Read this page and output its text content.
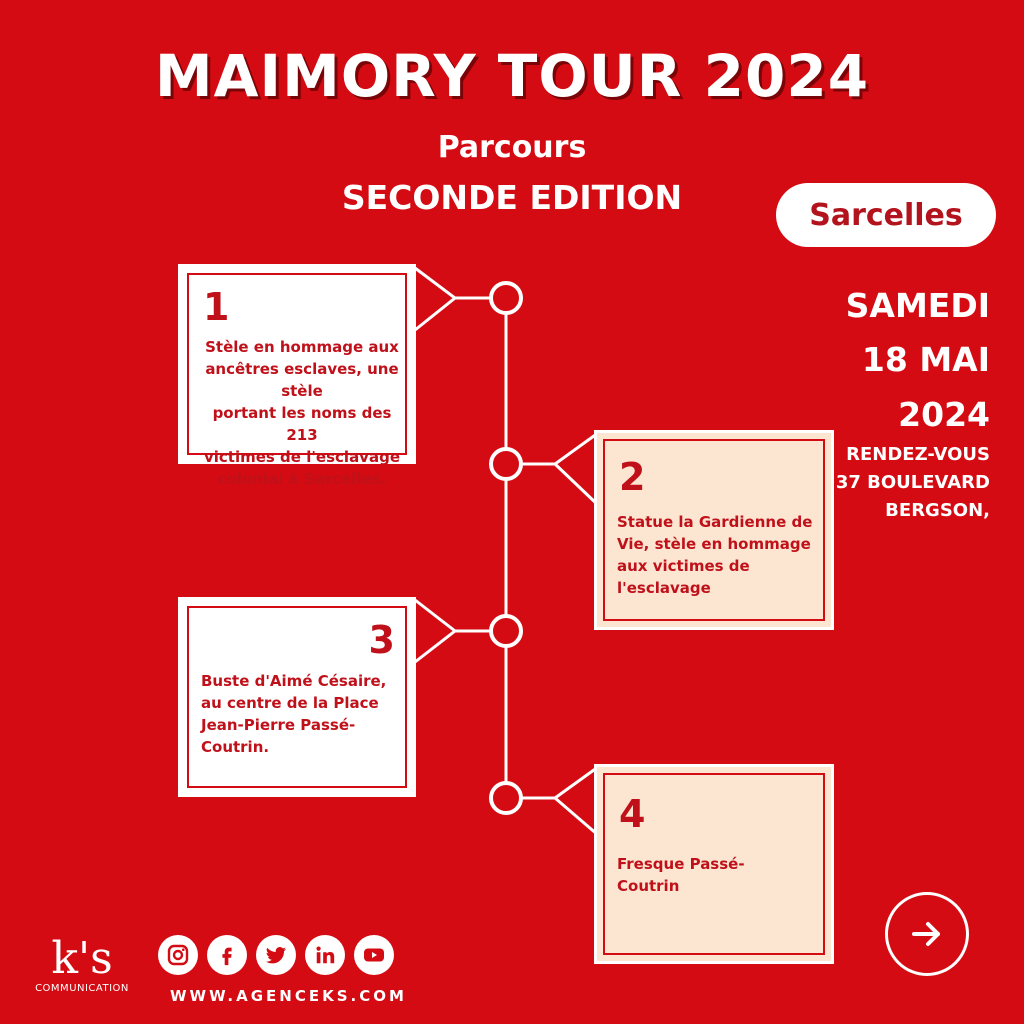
MAIMORY TOUR 2024
Parcours
SECONDE EDITION	Sarcelles
SAMEDI
18 MAI
2024
RENDEZ-VOUS
37 BOULEVARD
BERGSON,
1
Stèle en hommage aux
ancêtres esclaves, une stèle
portant les noms des 213
victimes de l'esclavage
colonial à Sarcelles.	2
Statue la Gardienne de
Vie, stèle en hommage
aux victimes de
l'esclavage
3
Buste d'Aimé Césaire,
au centre de la Place
Jean-Pierre Passé-
Coutrin.
4
Fresque Passé-
Coutrin
k's
COMMUNICATION	WWW.AGENCEKS.COM
